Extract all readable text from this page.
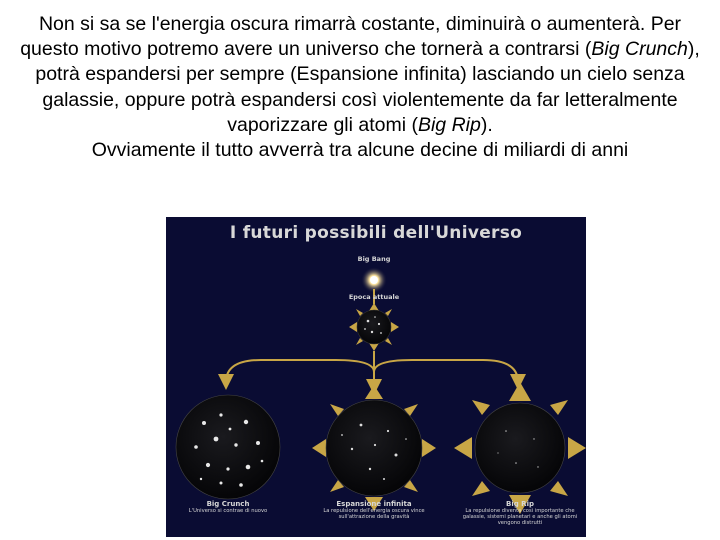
Non si sa se l'energia oscura rimarrà costante, diminuirà o aumenterà. Per questo motivo potremo avere un universo che tornerà a contrarsi (Big Crunch), potrà espandersi per sempre (Espansione infinita) lasciando un cielo senza galassie, oppure potrà espandersi così violentemente da far letteralmente vaporizzare gli atomi (Big Rip).

Ovviamente il tutto avverrà tra alcune decine di miliardi di anni

I futuri possibili dell'Universo
Big Bang
Epoca attuale
Big Crunch
L'Universo si contrae di nuovo
Espansione infinita
La repulsione dell'energia oscura vince sull'attrazione della gravità
Big Rip
La repulsione diventa così importante che galassie, sistemi planetari e anche gli atomi vengono distrutti
